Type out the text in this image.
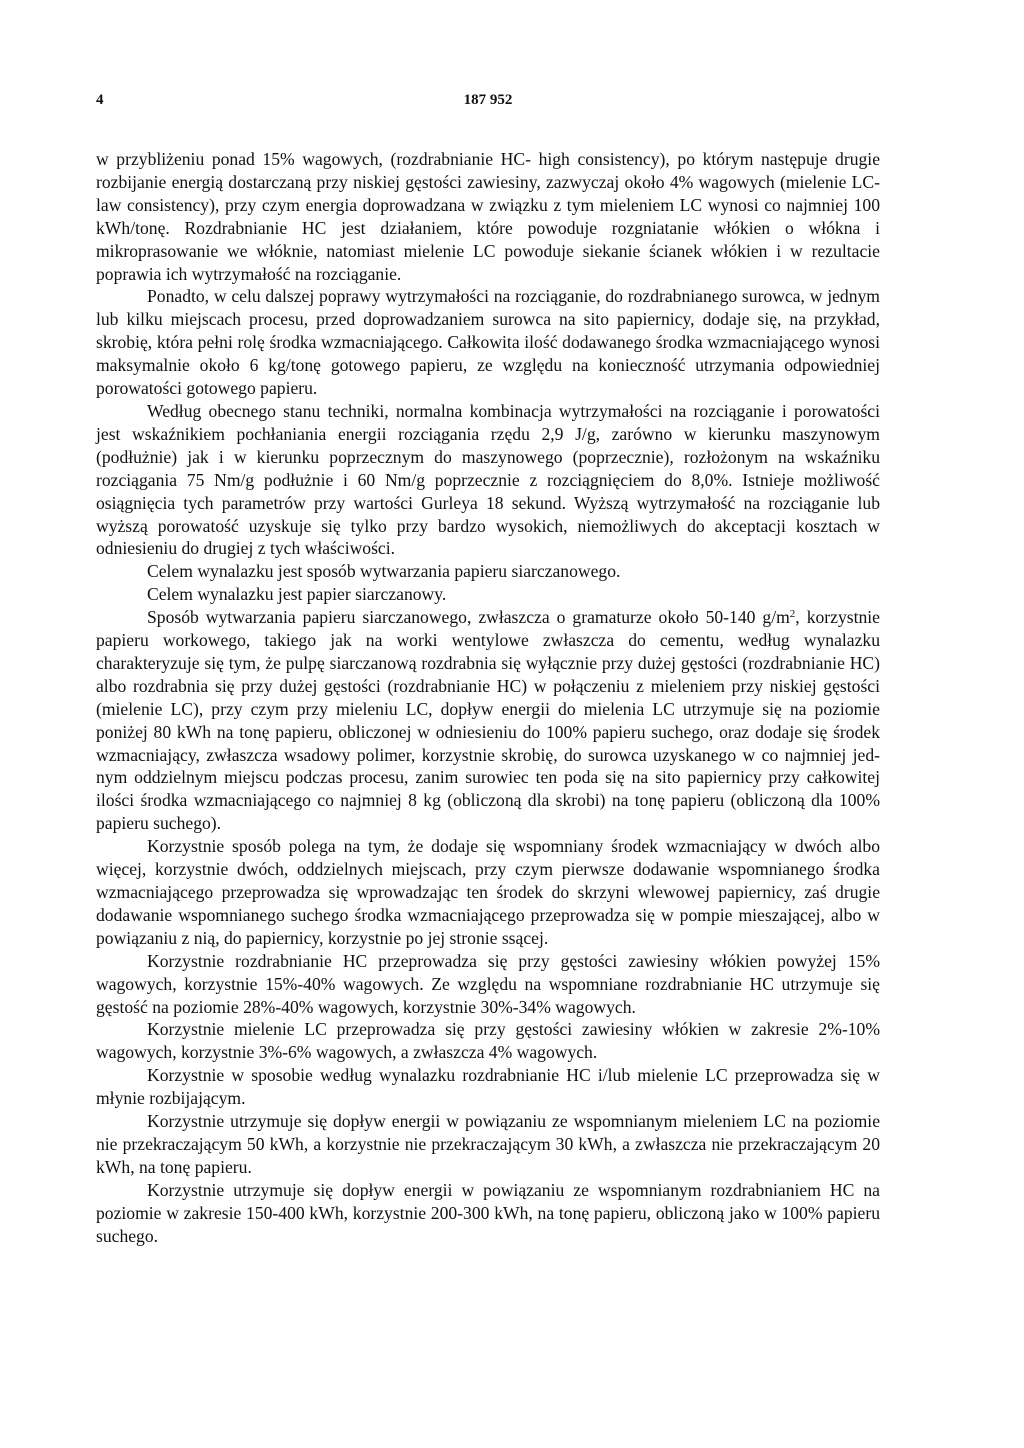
4	187 952

w przybliżeniu ponad 15% wagowych, (rozdrabnianie HC- high consistency), po którym następuje drugie rozbijanie energią dostarczaną przy niskiej gęstości zawiesiny, zazwyczaj około 4% wagowych (mielenie LC- law consistency), przy czym energia doprowadzana w związku z tym mieleniem LC wynosi co najmniej 100 kWh/tonę. Rozdrabnianie HC jest działaniem, które powoduje rozgniatanie włókien o włókna i mikroprasowanie we włóknie, natomiast mielenie LC powoduje siekanie ścianek włókien i w rezultacie poprawia ich wytrzymałość na rozciąganie.

Ponadto, w celu dalszej poprawy wytrzymałości na rozciąganie, do rozdrabnianego surowca, w jednym lub kilku miejscach procesu, przed doprowadzaniem surowca na sito papiernicy, dodaje się, na przykład, skrobię, która pełni rolę środka wzmacniającego. Całkowita ilość dodawanego środka wzmacniającego wynosi maksymalnie około 6 kg/tonę gotowego papieru, ze względu na konieczność utrzymania odpowiedniej porowatości gotowego papieru.

Według obecnego stanu techniki, normalna kombinacja wytrzymałości na rozciąganie i porowatości jest wskaźnikiem pochłaniania energii rozciągania rzędu 2,9 J/g, zarówno w kierunku maszynowym (podłużnie) jak i w kierunku poprzecznym do maszynowego (poprzecznie), rozłożonym na wskaźniku rozciągania 75 Nm/g podłużnie i 60 Nm/g poprzecznie z rozciągnięciem do 8,0%. Istnieje możliwość osiągnięcia tych parametrów przy wartości Gurleya 18 sekund. Wyższą wytrzymałość na rozciąganie lub wyższą porowatość uzyskuje się tylko przy bardzo wysokich, niemożliwych do akceptacji kosztach w odniesieniu do drugiej z tych właściwości.

Celem wynalazku jest sposób wytwarzania papieru siarczanowego.

Celem wynalazku jest papier siarczanowy.

Sposób wytwarzania papieru siarczanowego, zwłaszcza o gramaturze około 50-140 $g/m^2$, korzystnie papieru workowego, takiego jak na worki wentylowe zwłaszcza do cementu, według wynalazku charakteryzuje się tym, że pulpę siarczanową rozdrabnia się wyłącznie przy dużej gęstości (rozdrabnianie HC) albo rozdrabnia się przy dużej gęstości (rozdrabnianie HC) w połączeniu z mieleniem przy niskiej gęstości (mielenie LC), przy czym przy mieleniu LC, dopływ energii do mielenia LC utrzymuje się na poziomie poniżej 80 kWh na tonę papieru, obliczonej w odniesieniu do 100% papieru suchego, oraz dodaje się środek wzmacniający, zwłaszcza wsadowy polimer, korzystnie skrobię, do surowca uzyskanego w co najmniej jednym oddzielnym miejscu podczas procesu, zanim surowiec ten poda się na sito papiernicy przy całkowitej ilości środka wzmacniającego co najmniej 8 kg (obliczoną dla skrobi) na tonę papieru (obliczoną dla 100% papieru suchego).

Korzystnie sposób polega na tym, że dodaje się wspomniany środek wzmacniający w dwóch albo więcej, korzystnie dwóch, oddzielnych miejscach, przy czym pierwsze dodawanie wspomnianego środka wzmacniającego przeprowadza się wprowadzając ten środek do skrzyni wlewowej papiernicy, zaś drugie dodawanie wspomnianego suchego środka wzmacniającego przeprowadza się w pompie mieszającej, albo w powiązaniu z nią, do papiernicy, korzystnie po jej stronie ssącej.

Korzystnie rozdrabnianie HC przeprowadza się przy gęstości zawiesiny włókien powyżej 15% wagowych, korzystnie 15%-40% wagowych. Ze względu na wspomniane rozdrabnianie HC utrzymuje się gęstość na poziomie 28%-40% wagowych, korzystnie 30%-34% wagowych.

Korzystnie mielenie LC przeprowadza się przy gęstości zawiesiny włókien w zakresie 2%-10% wagowych, korzystnie 3%-6% wagowych, a zwłaszcza 4% wagowych.

Korzystnie w sposobie według wynalazku rozdrabnianie HC i/lub mielenie LC przeprowadza się w młynie rozbijającym.

Korzystnie utrzymuje się dopływ energii w powiązaniu ze wspomnianym mieleniem LC na poziomie nie przekraczającym 50 kWh, a korzystnie nie przekraczającym 30 kWh, a zwłaszcza nie przekraczającym 20 kWh, na tonę papieru.

Korzystnie utrzymuje się dopływ energii w powiązaniu ze wspomnianym rozdrabnianiem HC na poziomie w zakresie 150-400 kWh, korzystnie 200-300 kWh, na tonę papieru, obliczoną jako w 100% papieru suchego.
